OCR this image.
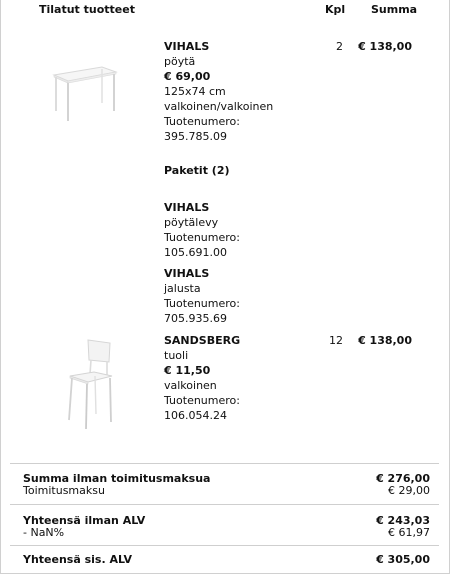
Tilatut tuotteet	Kpl Summa
VIHALS
pöytä
€ 69,00
125x74 cm
valkoinen/valkoinen
Tuotenumero:
395.785.09
2	€ 138,00
Paketit (2)
VIHALS
pöytälevy
Tuotenumero:
105.691.00
VIHALS
jalusta
Tuotenumero:
705.935.69
SANDSBERG
tuoli
€ 11,50
valkoinen
Tuotenumero:
106.054.24
12	€ 138,00
Summa ilman toimitusmaksua	€ 276,00
Toimitusmaksu	€ 29,00
Yhteensä ilman ALV	€ 243,03
- NaN%	€ 61,97
Yhteensä sis. ALV	€ 305,00
